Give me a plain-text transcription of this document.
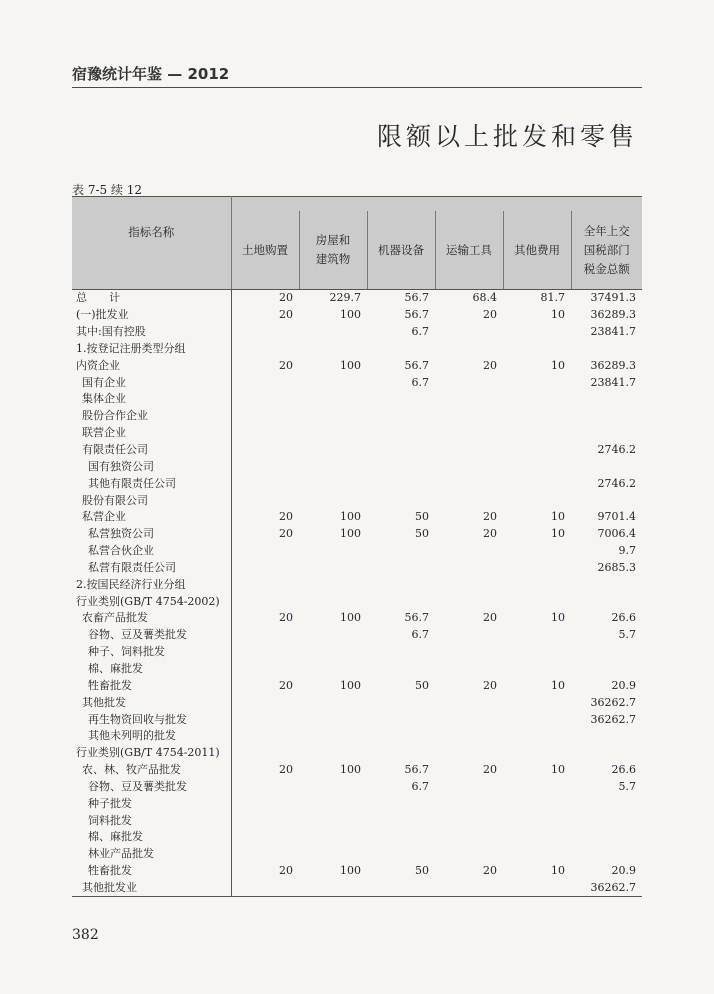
宿豫统计年鉴 — 2012
限额以上批发和零售
表 7-5 续 12

指标名称	土地购置	房屋和
建筑物	机器设备	运输工具	其他费用	全年上交
国税部门
税金总额
总　　计	20	229.7	56.7	68.4	81.7	37491.3
(一)批发业	20	100	56.7	20	10	36289.3
其中:国有控股			6.7			23841.7
1.按登记注册类型分组						
内资企业	20	100	56.7	20	10	36289.3
国有企业			6.7			23841.7
集体企业						
股份合作企业						
联营企业						
有限责任公司						2746.2
国有独资公司						
其他有限责任公司						2746.2
股份有限公司						
私营企业	20	100	50	20	10	9701.4
私营独资公司	20	100	50	20	10	7006.4
私营合伙企业						9.7
私营有限责任公司						2685.3
2.按国民经济行业分组						
行业类别(GB/T 4754-2002)						
农畜产品批发	20	100	56.7	20	10	26.6
谷物、豆及薯类批发			6.7			5.7
种子、饲料批发						
棉、麻批发						
牲畜批发	20	100	50	20	10	20.9
其他批发						36262.7
再生物资回收与批发						36262.7
其他未列明的批发						
行业类别(GB/T 4754-2011)						
农、林、牧产品批发	20	100	56.7	20	10	26.6
谷物、豆及薯类批发			6.7			5.7
种子批发						
饲料批发						
棉、麻批发						
林业产品批发						
牲畜批发	20	100	50	20	10	20.9
其他批发业						36262.7
382
